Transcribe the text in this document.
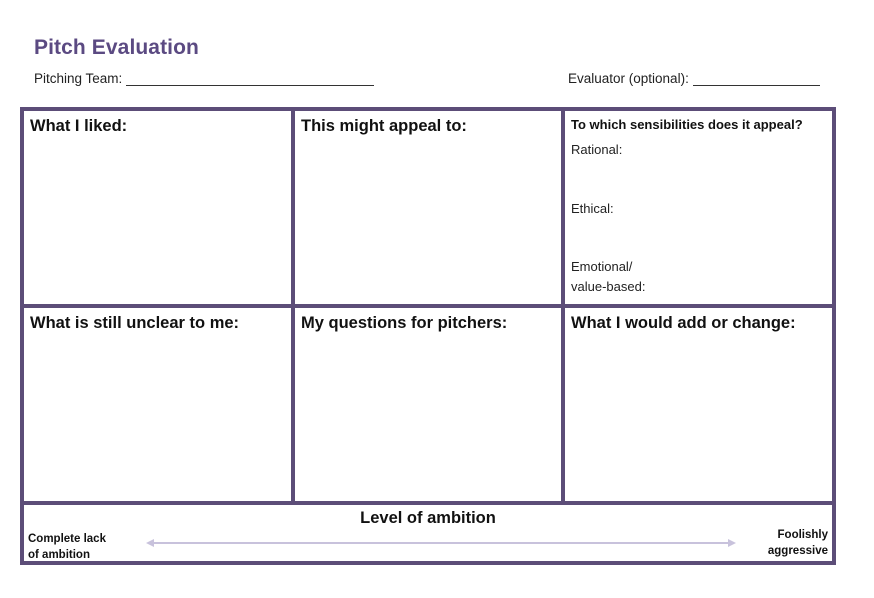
Pitch Evaluation
Pitching Team:	Evaluator (optional):
What I liked:	This might appeal to:	To which sensibilities does it appeal?
Rational:
Ethical:
Emotional/
value-based:
What is still unclear to me:	My questions for pitchers:	What I would add or change:
Level of ambition
Complete lack
of ambition
Foolishly
aggressive
